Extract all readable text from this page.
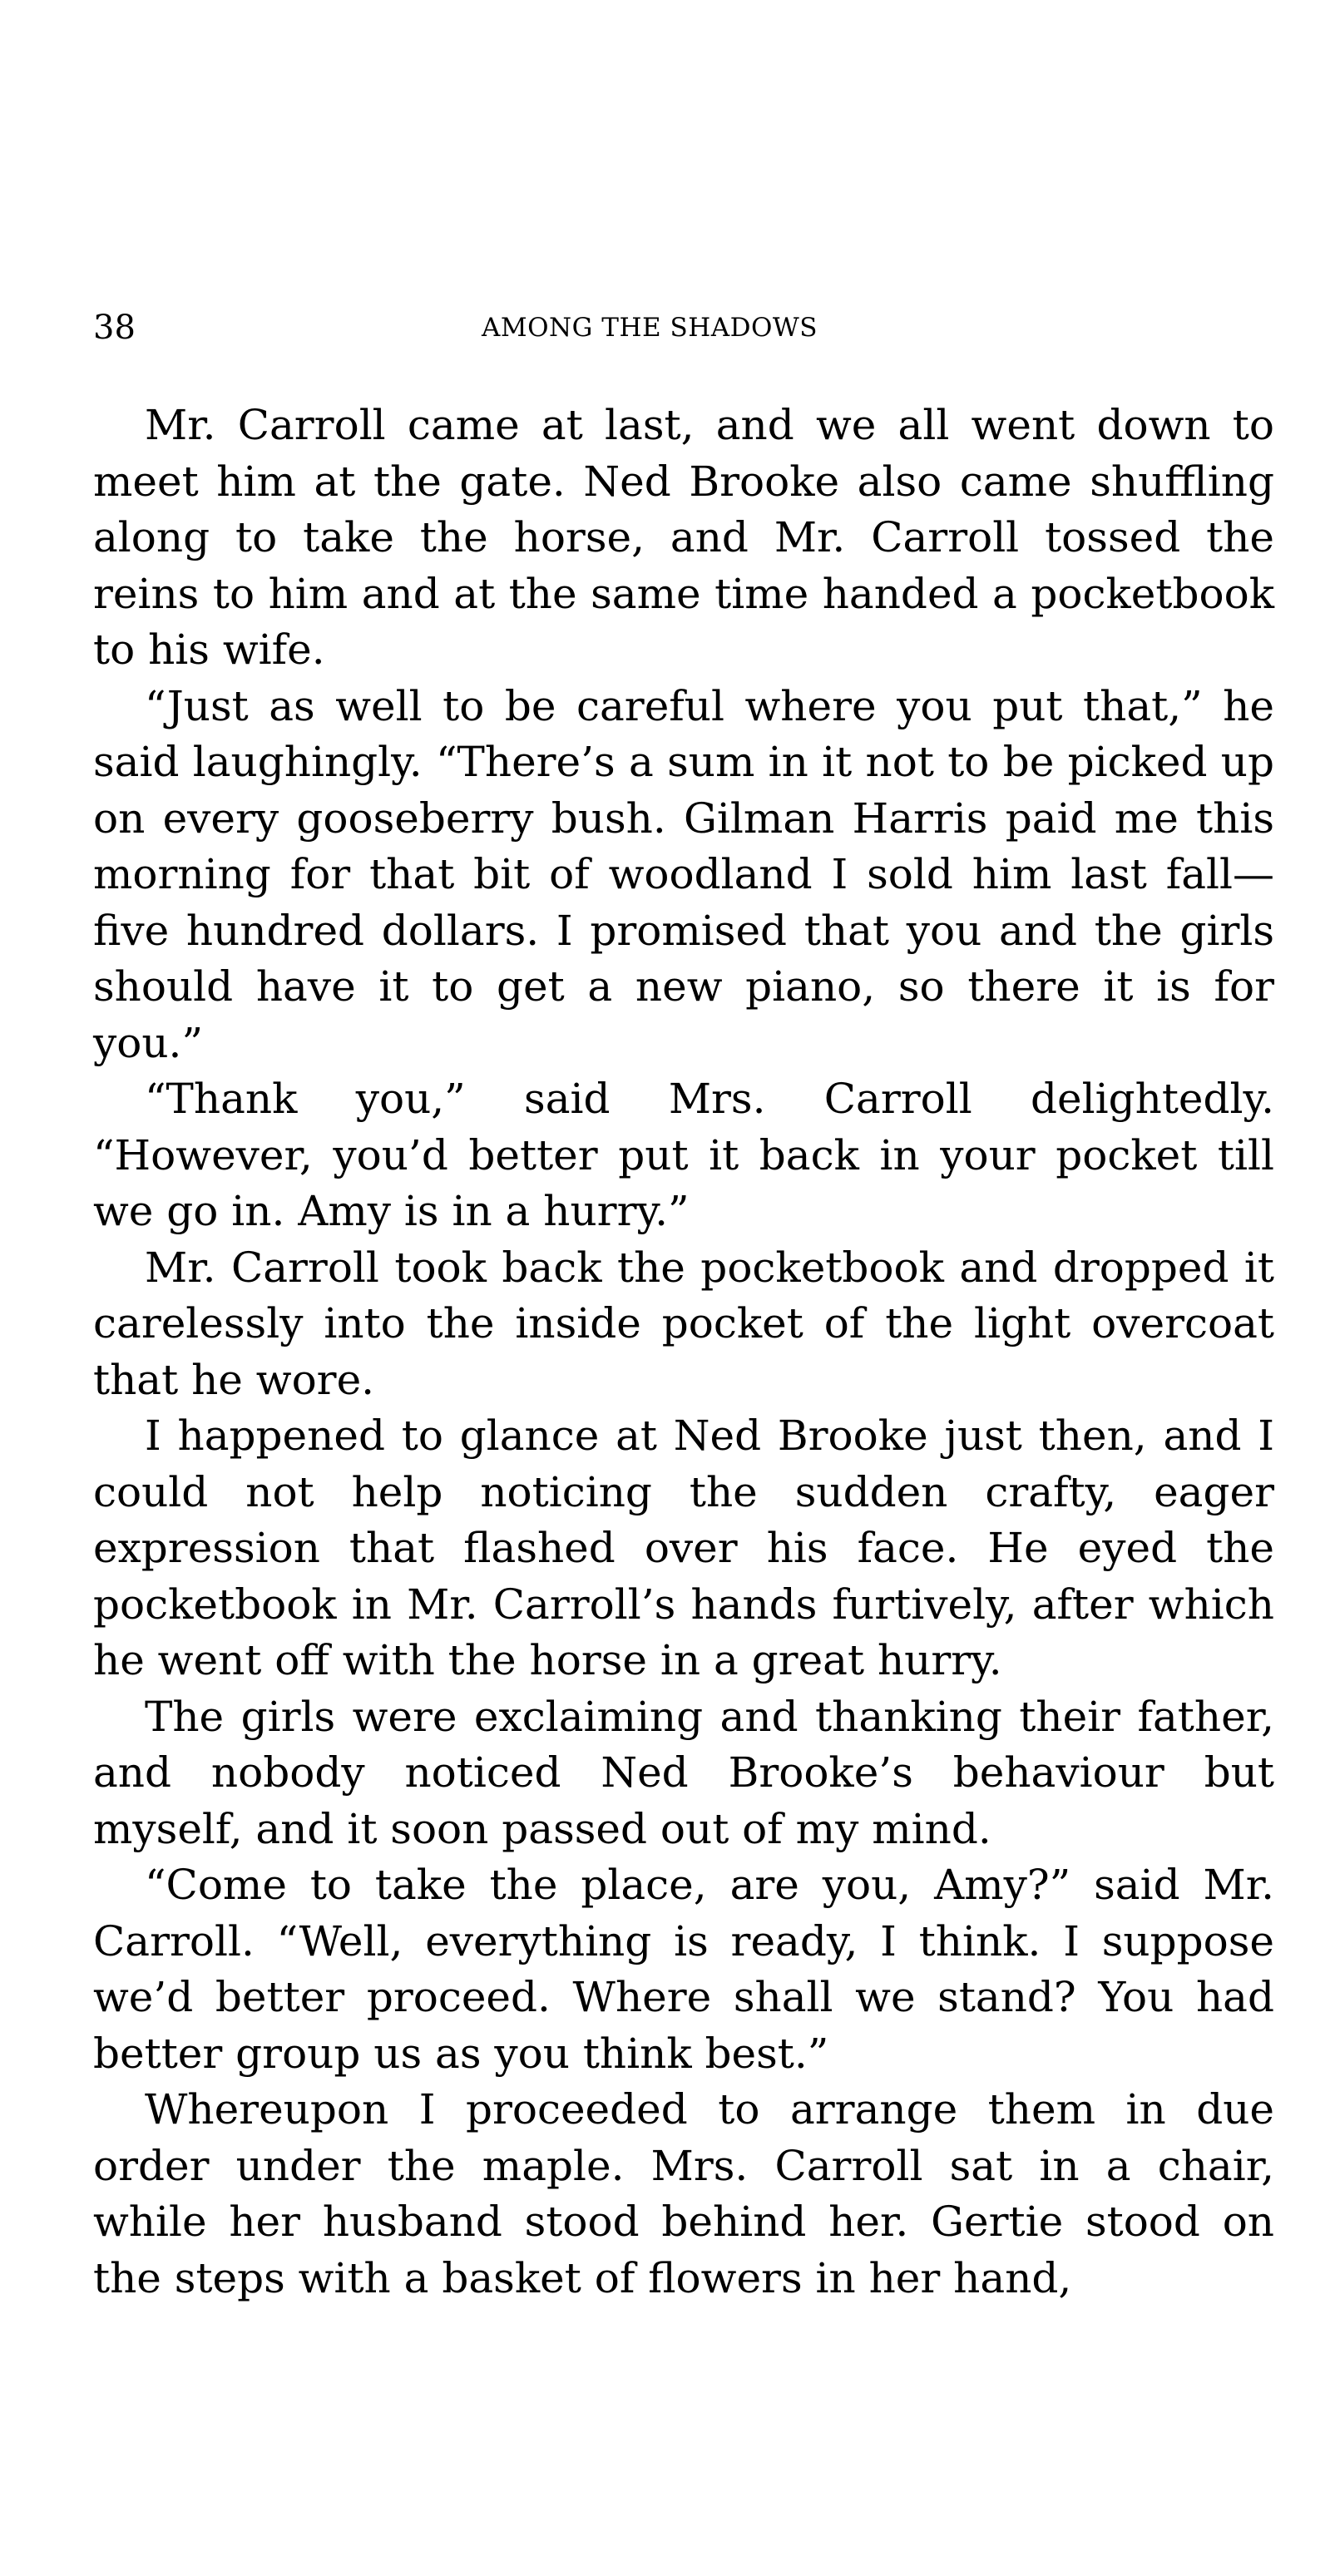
38	AMONG THE SHADOWS

Mr. Carroll came at last, and we all went down to meet him at the gate. Ned Brooke also came shuffling along to take the horse, and Mr. Carroll tossed the reins to him and at the same time handed a pocketbook to his wife.

“Just as well to be careful where you put that,” he said laughingly. “There’s a sum in it not to be picked up on every gooseberry bush. Gilman Harris paid me this morning for that bit of woodland I sold him last fall—five hundred dollars. I promised that you and the girls should have it to get a new piano, so there it is for you.”

“Thank you,” said Mrs. Carroll delightedly. “However, you’d better put it back in your pocket till we go in. Amy is in a hurry.”

Mr. Carroll took back the pocketbook and dropped it carelessly into the inside pocket of the light overcoat that he wore.

I happened to glance at Ned Brooke just then, and I could not help noticing the sudden crafty, eager expression that flashed over his face. He eyed the pocketbook in Mr. Carroll’s hands furtively, after which he went off with the horse in a great hurry.

The girls were exclaiming and thanking their father, and nobody noticed Ned Brooke’s behaviour but myself, and it soon passed out of my mind.

“Come to take the place, are you, Amy?” said Mr. Carroll. “Well, everything is ready, I think. I suppose we’d better proceed. Where shall we stand? You had better group us as you think best.”

Whereupon I proceeded to arrange them in due order under the maple. Mrs. Carroll sat in a chair, while her husband stood behind her. Gertie stood on the steps with a basket of flowers in her hand,
